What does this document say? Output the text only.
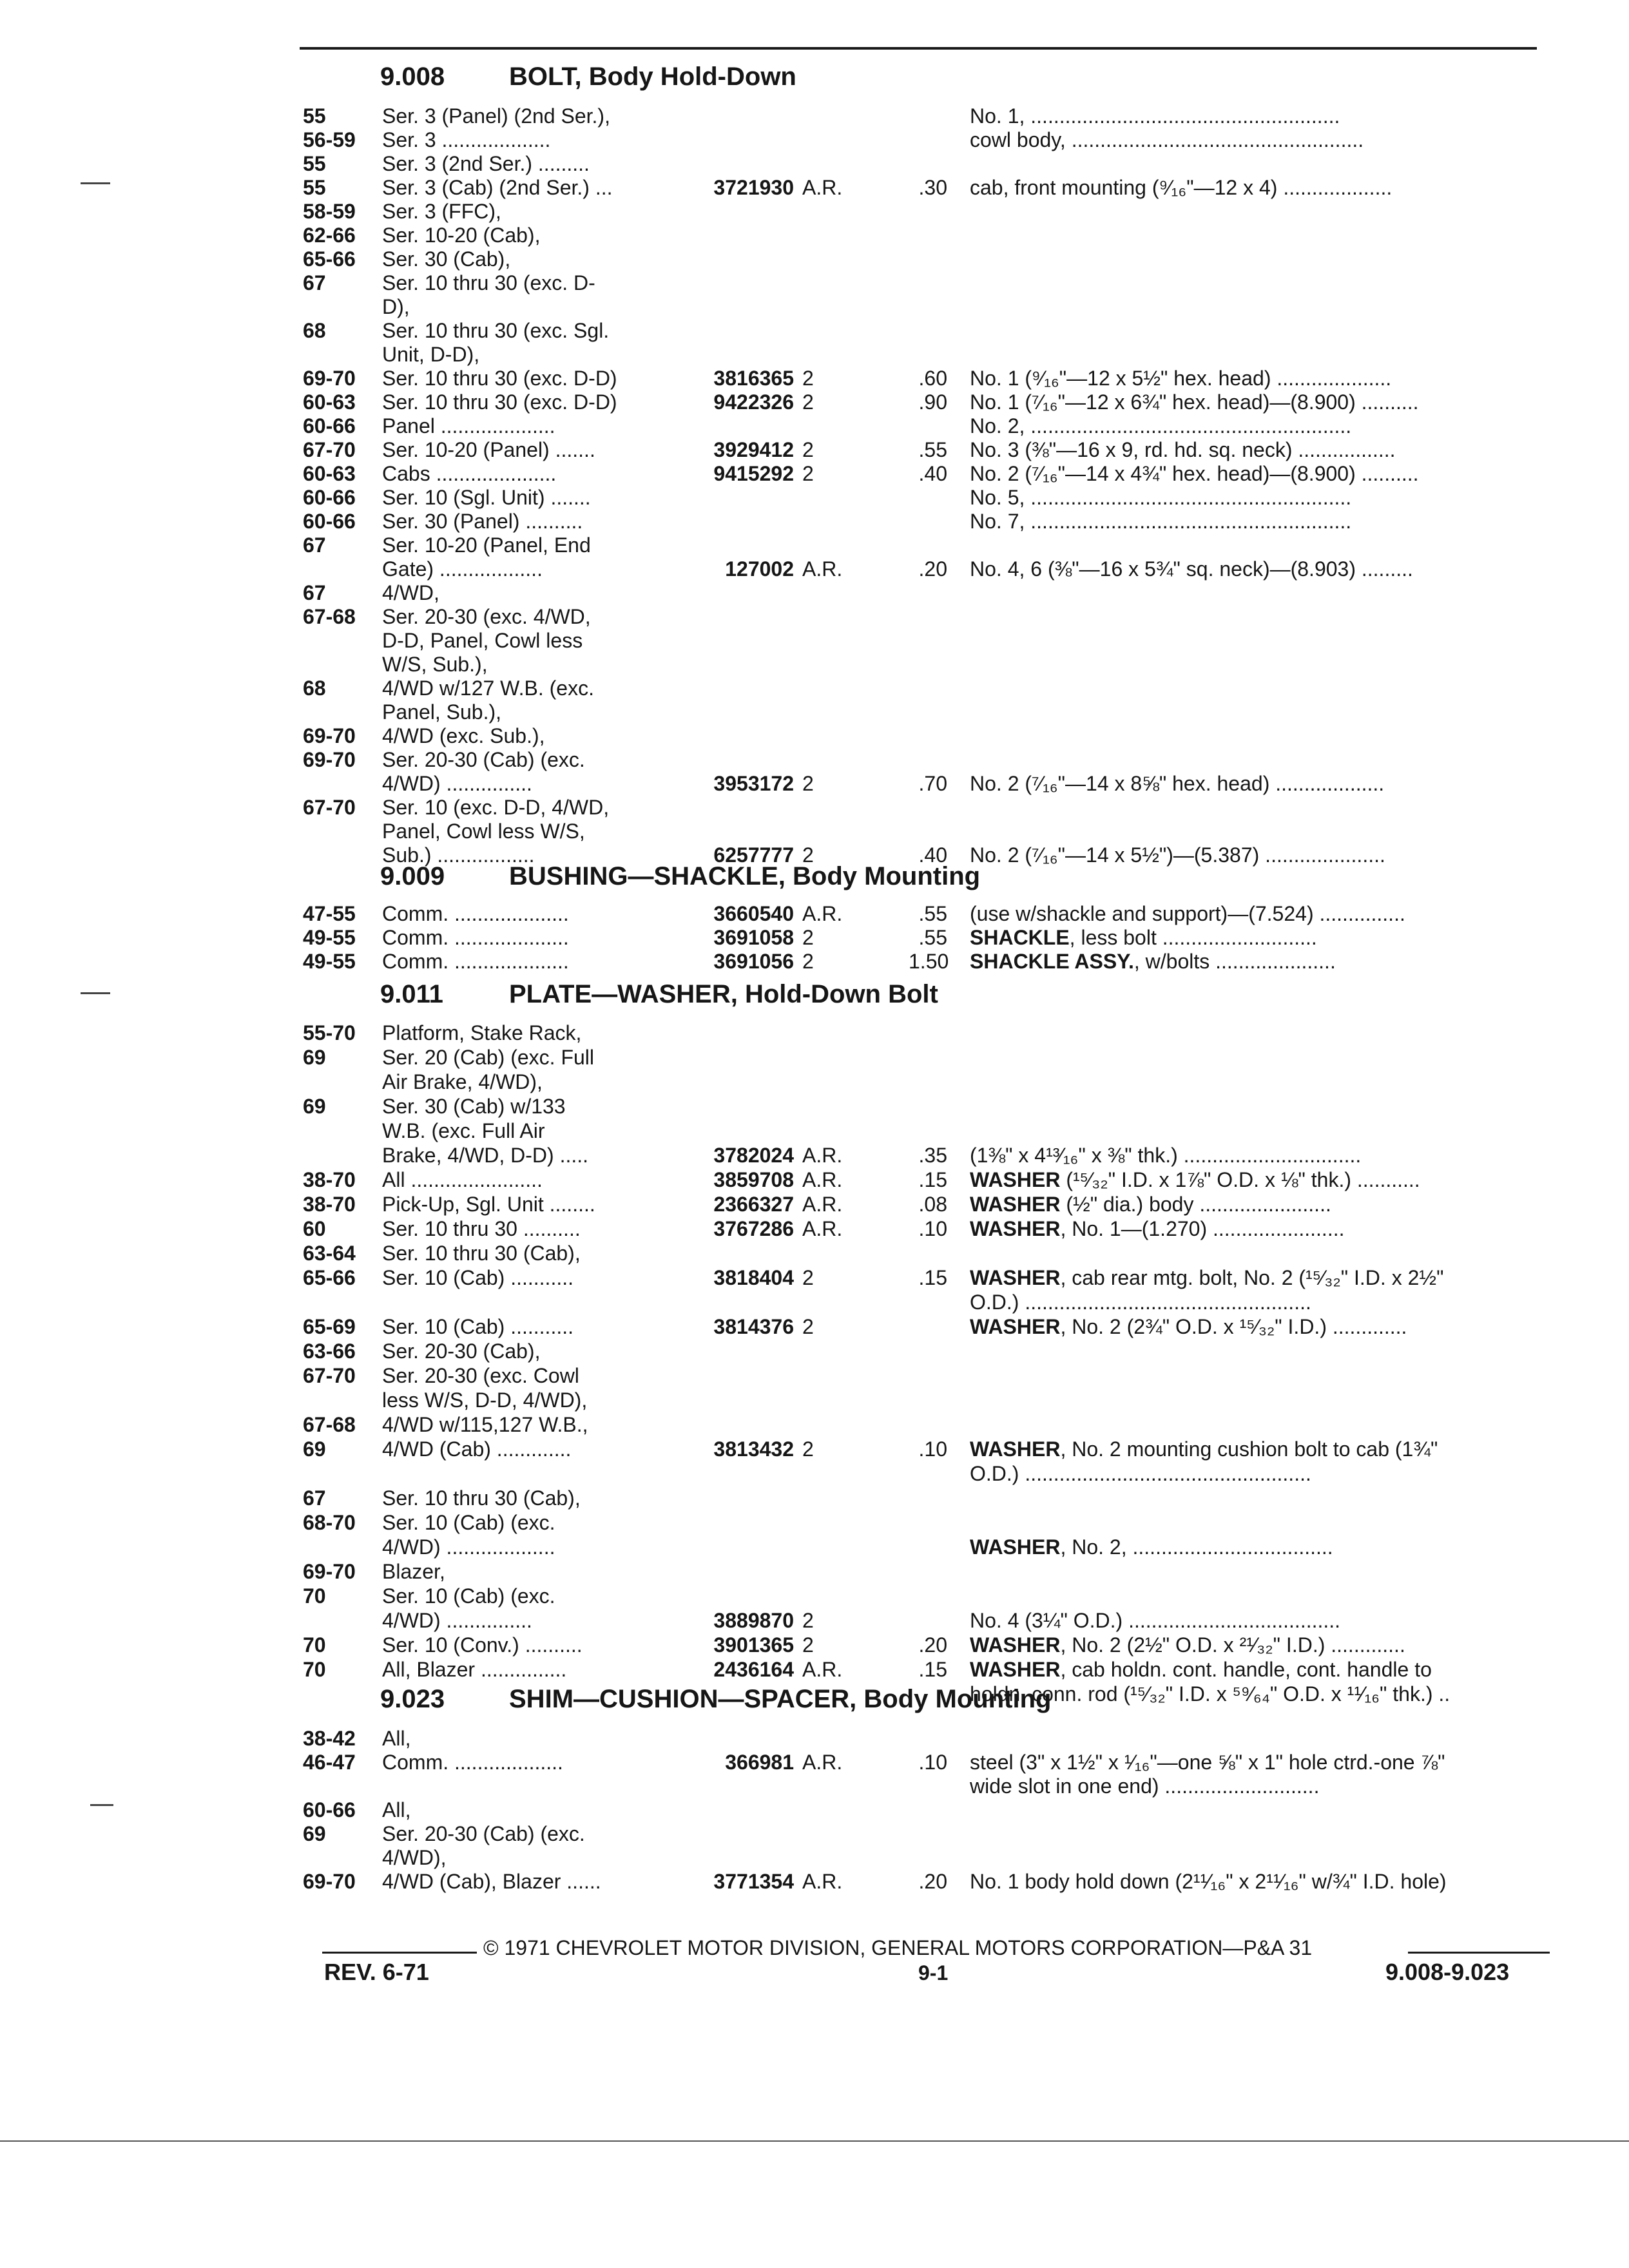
9.008 BOLT, Body Hold-Down
55	Ser. 3 (Panel) (2nd Ser.),	No. 1, ......................................................
56-59 Ser. 3 ...................	cowl body, ...................................................
55	Ser. 3 (2nd Ser.) .........
55	Ser. 3 (Cab) (2nd Ser.) ...	3721930 A.R.	.30 cab, front mounting (⁹⁄₁₆"—12 x 4) ...................
58-59 Ser. 3 (FFC),
62-66 Ser. 10-20 (Cab),
65-66 Ser. 30 (Cab),
67	Ser. 10 thru 30 (exc. D-
D),
68	Ser. 10 thru 30 (exc. Sgl.
Unit, D-D),
69-70 Ser. 10 thru 30 (exc. D-D)	3816365 2	.60 No. 1 (⁹⁄₁₆"—12 x 5½" hex. head) ....................
60-63 Ser. 10 thru 30 (exc. D-D)	9422326 2	.90 No. 1 (⁷⁄₁₆"—12 x 6¾" hex. head)—(8.900) ..........
60-66 Panel ....................	No. 2, ........................................................
67-70 Ser. 10-20 (Panel) .......	3929412 2	.55 No. 3 (⅜"—16 x 9, rd. hd. sq. neck) .................
60-63 Cabs .....................	9415292 2	.40 No. 2 (⁷⁄₁₆"—14 x 4¾" hex. head)—(8.900) ..........
60-66 Ser. 10 (Sgl. Unit) .......	No. 5, ........................................................
60-66 Ser. 30 (Panel) ..........	No. 7, ........................................................
67	Ser. 10-20 (Panel, End
Gate) ..................	127002 A.R.	.20 No. 4, 6 (⅜"—16 x 5¾" sq. neck)—(8.903) .........
67	4/WD,
67-68 Ser. 20-30 (exc. 4/WD,
D-D, Panel, Cowl less
W/S, Sub.),
68	4/WD w/127 W.B. (exc.
Panel, Sub.),
69-70 4/WD (exc. Sub.),
69-70 Ser. 20-30 (Cab) (exc.
4/WD) ...............	3953172 2	.70 No. 2 (⁷⁄₁₆"—14 x 8⅝" hex. head) ...................
67-70 Ser. 10 (exc. D-D, 4/WD,
Panel, Cowl less W/S,
Sub.) .................	6257777 2	.40 No. 2 (⁷⁄₁₆"—14 x 5½")—(5.387) .....................
9.009 BUSHING—SHACKLE, Body Mounting
47-55 Comm. ....................	3660540 A.R.	.55 (use w/shackle and support)—(7.524) ...............
49-55 Comm. ....................	3691058 2	.55 SHACKLE, less bolt ...........................
49-55 Comm. ....................	3691056 2	1.50 SHACKLE ASSY., w/bolts .....................
9.011	PLATE—WASHER, Hold-Down Bolt
55-70 Platform, Stake Rack,
69	Ser. 20 (Cab) (exc. Full
Air Brake, 4/WD),
69	Ser. 30 (Cab) w/133
W.B. (exc. Full Air
Brake, 4/WD, D-D) .....	3782024 A.R.	.35 (1⅜" x 4¹³⁄₁₆" x ⅜" thk.) ...............................
38-70 All .......................	3859708 A.R.	.15 WASHER (¹⁵⁄₃₂" I.D. x 1⅞" O.D. x ⅛" thk.) ...........
38-70 Pick-Up, Sgl. Unit ........	2366327 A.R.	.08 WASHER (½" dia.) body .......................
60	Ser. 10 thru 30 ..........	3767286 A.R.	.10 WASHER, No. 1—(1.270) .......................
63-64 Ser. 10 thru 30 (Cab),
65-66 Ser. 10 (Cab) ...........	3818404 2	.15 WASHER, cab rear mtg. bolt, No. 2 (¹⁵⁄₃₂" I.D. x 2½"
O.D.) ..................................................
65-69 Ser. 10 (Cab) ...........	3814376 2	WASHER, No. 2 (2¾" O.D. x ¹⁵⁄₃₂" I.D.) .............
63-66 Ser. 20-30 (Cab),
67-70 Ser. 20-30 (exc. Cowl
less W/S, D-D, 4/WD),
67-68 4/WD w/115,127 W.B.,
69	4/WD (Cab) .............	3813432 2	.10 WASHER, No. 2 mounting cushion bolt to cab (1¾"
O.D.) ..................................................
67	Ser. 10 thru 30 (Cab),
68-70 Ser. 10 (Cab) (exc.
4/WD) ...................	WASHER, No. 2, ...................................
69-70 Blazer,
70	Ser. 10 (Cab) (exc.
4/WD) ...............	3889870 2	No. 4 (3¼" O.D.) .....................................
70	Ser. 10 (Conv.) ..........	3901365 2	.20 WASHER, No. 2 (2½" O.D. x ²¹⁄₃₂" I.D.) .............
70	All, Blazer ...............	2436164 A.R.	.15 WASHER, cab holdn. cont. handle, cont. handle to
holdn. conn. rod (¹⁵⁄₃₂" I.D. x ⁵⁹⁄₆₄" O.D. x ¹¹⁄₁₆" thk.) ..
9.023 SHIM—CUSHION—SPACER, Body Mounting
38-42 All,
46-47 Comm. ...................	366981 A.R.	.10 steel (3" x 1½" x ¹⁄₁₆"—one ⅝" x 1" hole ctrd.-one ⅞"
wide slot in one end) ...........................
60-66 All,
69	Ser. 20-30 (Cab) (exc.
4/WD),
69-70 4/WD (Cab), Blazer ......	3771354 A.R.	.20 No. 1 body hold down (2¹¹⁄₁₆" x 2¹¹⁄₁₆" w/¾" I.D. hole)
© 1971 CHEVROLET MOTOR DIVISION, GENERAL MOTORS CORPORATION—P&A 31
REV. 6-71	9-1	9.008-9.023
